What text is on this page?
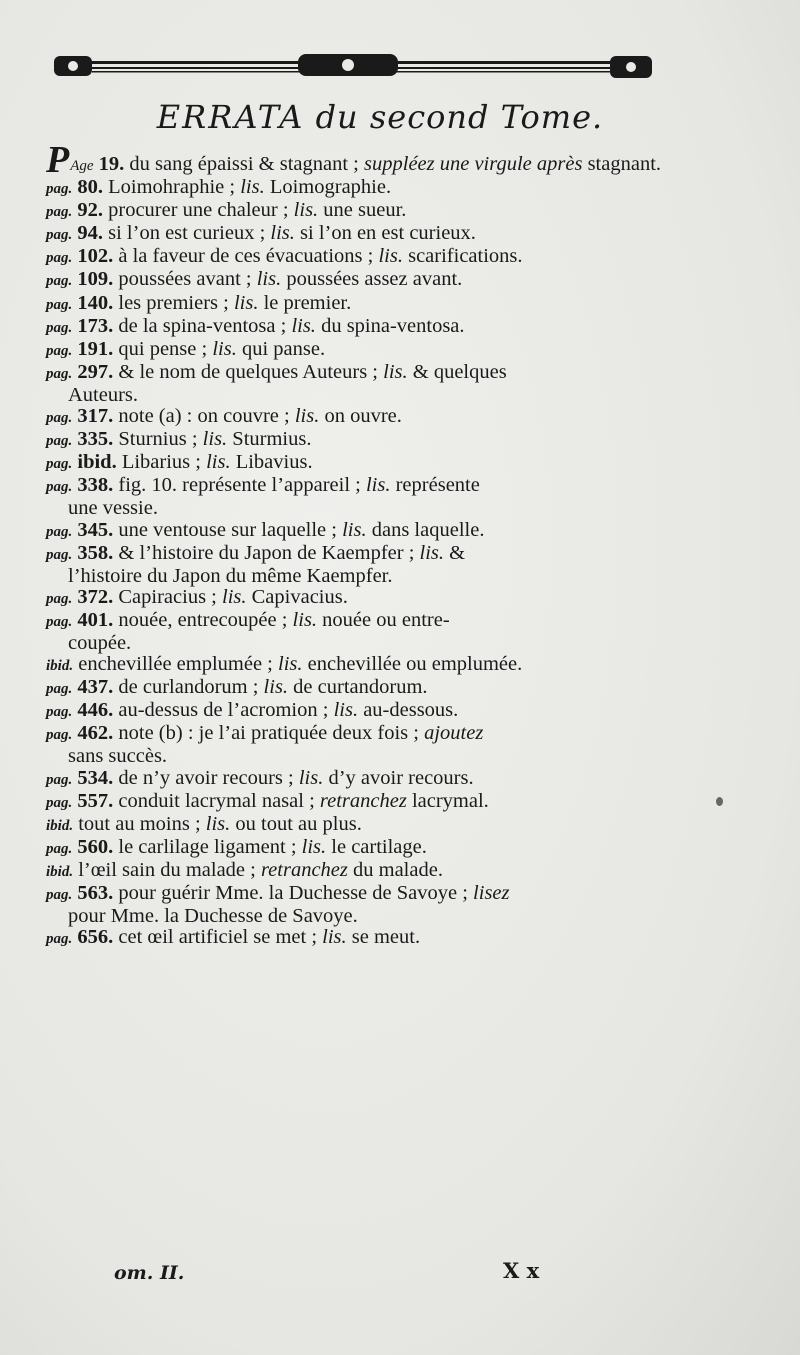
ERRATA du second Tome.
PAge 19. du sang épaissi & stagnant ; suppléez une virgule après stagnant.
pag. 80. Loimohraphie ; lis. Loimographie.
pag. 92. procurer une chaleur ; lis. une sueur.
pag. 94. si l’on est curieux ; lis. si l’on en est curieux.
pag. 102. à la faveur de ces évacuations ; lis. scarifications.
pag. 109. poussées avant ; lis. poussées assez avant.
pag. 140. les premiers ; lis. le premier.
pag. 173. de la spina-ventosa ; lis. du spina-ventosa.
pag. 191. qui pense ; lis. qui panse.
pag. 297. & le nom de quelques Auteurs ; lis. & quelques
Auteurs.
pag. 317. note (a) : on couvre ; lis. on ouvre.
pag. 335. Sturnius ; lis. Sturmius.
pag. ibid. Libarius ; lis. Libavius.
pag. 338. fig. 10. représente l’appareil ; lis. représente
une vessie.
pag. 345. une ventouse sur laquelle ; lis. dans laquelle.
pag. 358. & l’histoire du Japon de Kaempfer ; lis. &
l’histoire du Japon du même Kaempfer.
pag. 372. Capiracius ; lis. Capivacius.
pag. 401. nouée, entrecoupée ; lis. nouée ou entre-
coupée.
ibid. enchevillée emplumée ; lis. enchevillée ou emplumée.
pag. 437. de curlandorum ; lis. de curtandorum.
pag. 446. au-dessus de l’acromion ; lis. au-dessous.
pag. 462. note (b) : je l’ai pratiquée deux fois ; ajoutez
sans succès.
pag. 534. de n’y avoir recours ; lis. d’y avoir recours.
pag. 557. conduit lacrymal nasal ; retranchez lacrymal.
ibid. tout au moins ; lis. ou tout au plus.
pag. 560. le carlilage ligament ; lis. le cartilage.
ibid. l’œil sain du malade ; retranchez du malade.
pag. 563. pour guérir Mme. la Duchesse de Savoye ; lisez
pour Mme. la Duchesse de Savoye.
pag. 656. cet œil artificiel se met ; lis. se meut.
om. II.	X x
